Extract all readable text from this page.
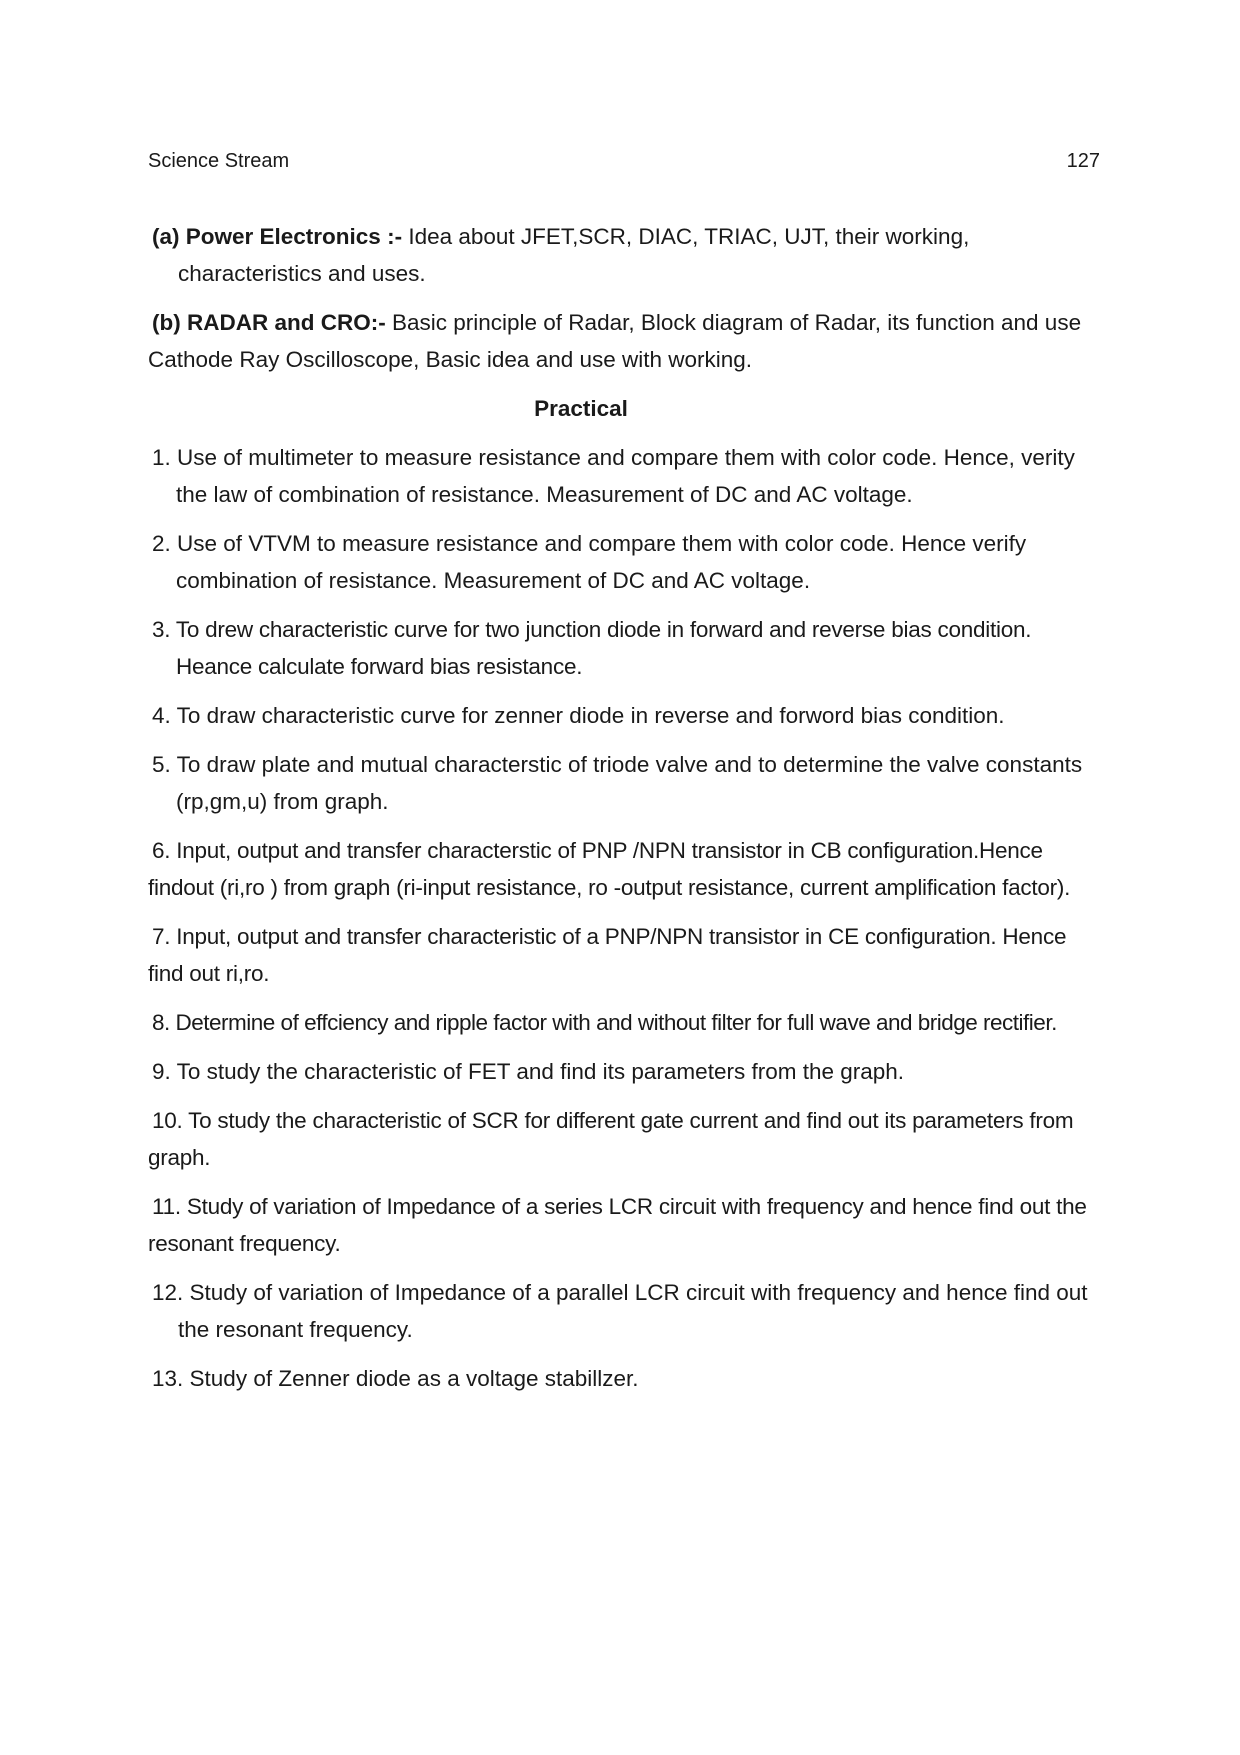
Science Stream	127

(a) Power Electronics :- Idea about JFET,SCR, DIAC, TRIAC, UJT, their working, characteristics and uses.

(b) RADAR and CRO:- Basic principle of Radar, Block diagram of Radar, its function and use Cathode Ray Oscilloscope, Basic idea and use with working.

Practical

1. Use of multimeter to measure resistance and compare them with color code. Hence, verity the law of combination of resistance. Measurement of DC and AC voltage.

2. Use of VTVM to measure resistance and compare them with color code. Hence verify combination of resistance. Measurement of DC and AC voltage.

3. To drew characteristic curve for two junction diode in forward and reverse bias condition. Heance calculate forward bias resistance.

4. To draw characteristic curve for zenner diode in reverse and forword bias condition.

5. To draw plate and mutual characterstic of triode valve and to determine the valve constants (rp,gm,u) from graph.

6. Input, output and transfer characterstic of PNP /NPN transistor in CB configuration.Hence findout (ri,ro ) from graph (ri-input resistance, ro -output resistance, current amplification factor).

7. Input, output and transfer characteristic of a PNP/NPN transistor in CE configuration. Hence find out ri,ro.

8. Determine of effciency and ripple factor with and without filter for full wave and bridge rectifier.

9. To study the characteristic of FET and find its parameters from the graph.

10. To study the characteristic of SCR for different gate current and find out its parameters from graph.

11. Study of variation of Impedance of a series LCR circuit with frequency and hence find out the resonant frequency.

12. Study of variation of Impedance of a parallel LCR circuit with frequency and hence find out the resonant frequency.

13. Study of Zenner diode as a voltage stabillzer.
